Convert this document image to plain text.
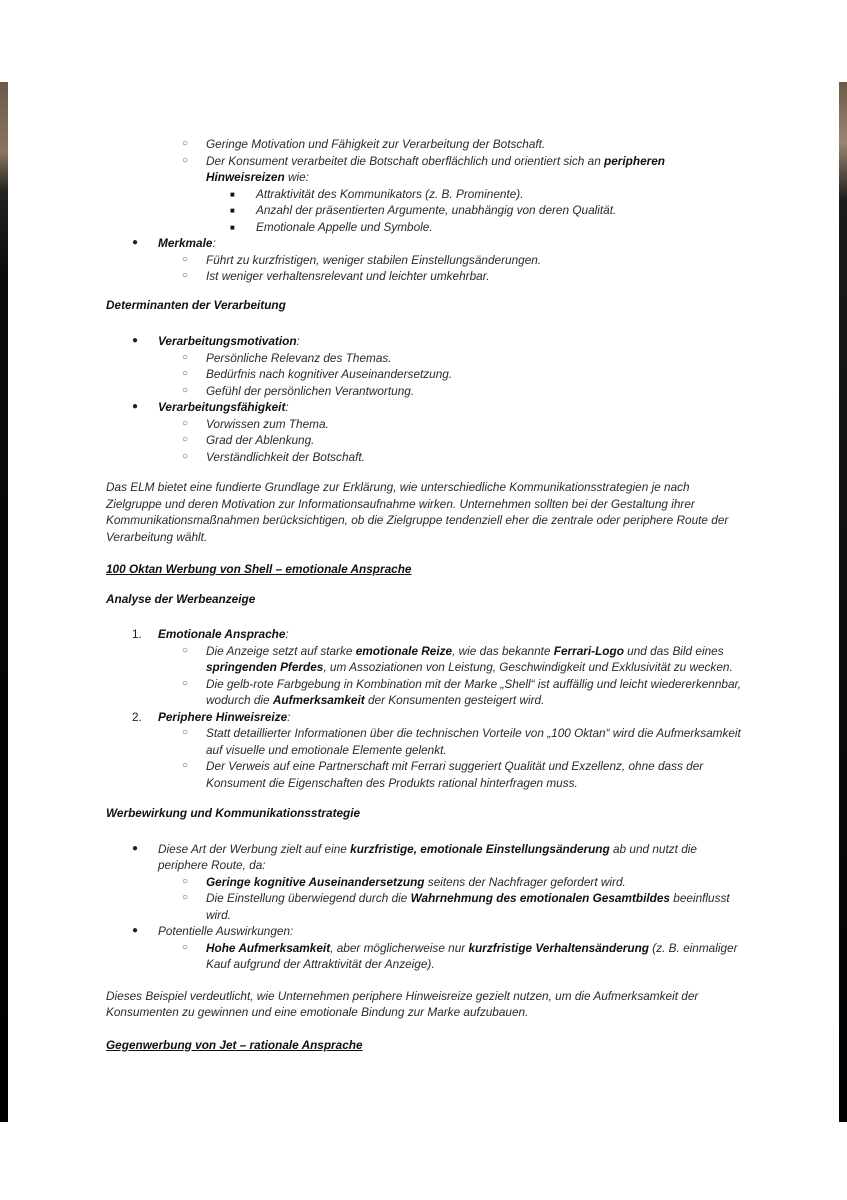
○ Geringe Motivation und Fähigkeit zur Verarbeitung der Botschaft.
○ Der Konsument verarbeitet die Botschaft oberflächlich und orientiert sich an peripheren Hinweisreizen wie:
■ Attraktivität des Kommunikators (z. B. Prominente).
■ Anzahl der präsentierten Argumente, unabhängig von deren Qualität.
■ Emotionale Appelle und Symbole.
● Merkmale:
○ Führt zu kurzfristigen, weniger stabilen Einstellungsänderungen.
○ Ist weniger verhaltensrelevant und leichter umkehrbar.

Determinanten der Verarbeitung

● Verarbeitungsmotivation:
○ Persönliche Relevanz des Themas.
○ Bedürfnis nach kognitiver Auseinandersetzung.
○ Gefühl der persönlichen Verantwortung.
● Verarbeitungsfähigkeit:
○ Vorwissen zum Thema.
○ Grad der Ablenkung.
○ Verständlichkeit der Botschaft.

Das ELM bietet eine fundierte Grundlage zur Erklärung, wie unterschiedliche Kommunikationsstrategien je nach Zielgruppe und deren Motivation zur Informationsaufnahme wirken. Unternehmen sollten bei der Gestaltung ihrer Kommunikationsmaßnahmen berücksichtigen, ob die Zielgruppe tendenziell eher die zentrale oder periphere Route der Verarbeitung wählt.

100 Oktan Werbung von Shell – emotionale Ansprache

Analyse der Werbeanzeige

1. Emotionale Ansprache:
○ Die Anzeige setzt auf starke emotionale Reize, wie das bekannte Ferrari-Logo und das Bild eines springenden Pferdes, um Assoziationen von Leistung, Geschwindigkeit und Exklusivität zu wecken.
○ Die gelb-rote Farbgebung in Kombination mit der Marke „Shell“ ist auffällig und leicht wiedererkennbar, wodurch die Aufmerksamkeit der Konsumenten gesteigert wird.
2. Periphere Hinweisreize:
○ Statt detaillierter Informationen über die technischen Vorteile von „100 Oktan“ wird die Aufmerksamkeit auf visuelle und emotionale Elemente gelenkt.
○ Der Verweis auf eine Partnerschaft mit Ferrari suggeriert Qualität und Exzellenz, ohne dass der Konsument die Eigenschaften des Produkts rational hinterfragen muss.

Werbewirkung und Kommunikationsstrategie

● Diese Art der Werbung zielt auf eine kurzfristige, emotionale Einstellungsänderung ab und nutzt die periphere Route, da:
○ Geringe kognitive Auseinandersetzung seitens der Nachfrager gefordert wird.
○ Die Einstellung überwiegend durch die Wahrnehmung des emotionalen Gesamtbildes beeinflusst wird.
● Potentielle Auswirkungen:
○ Hohe Aufmerksamkeit, aber möglicherweise nur kurzfristige Verhaltensänderung (z. B. einmaliger Kauf aufgrund der Attraktivität der Anzeige).

Dieses Beispiel verdeutlicht, wie Unternehmen periphere Hinweisreize gezielt nutzen, um die Aufmerksamkeit der Konsumenten zu gewinnen und eine emotionale Bindung zur Marke aufzubauen.

Gegenwerbung von Jet – rationale Ansprache
